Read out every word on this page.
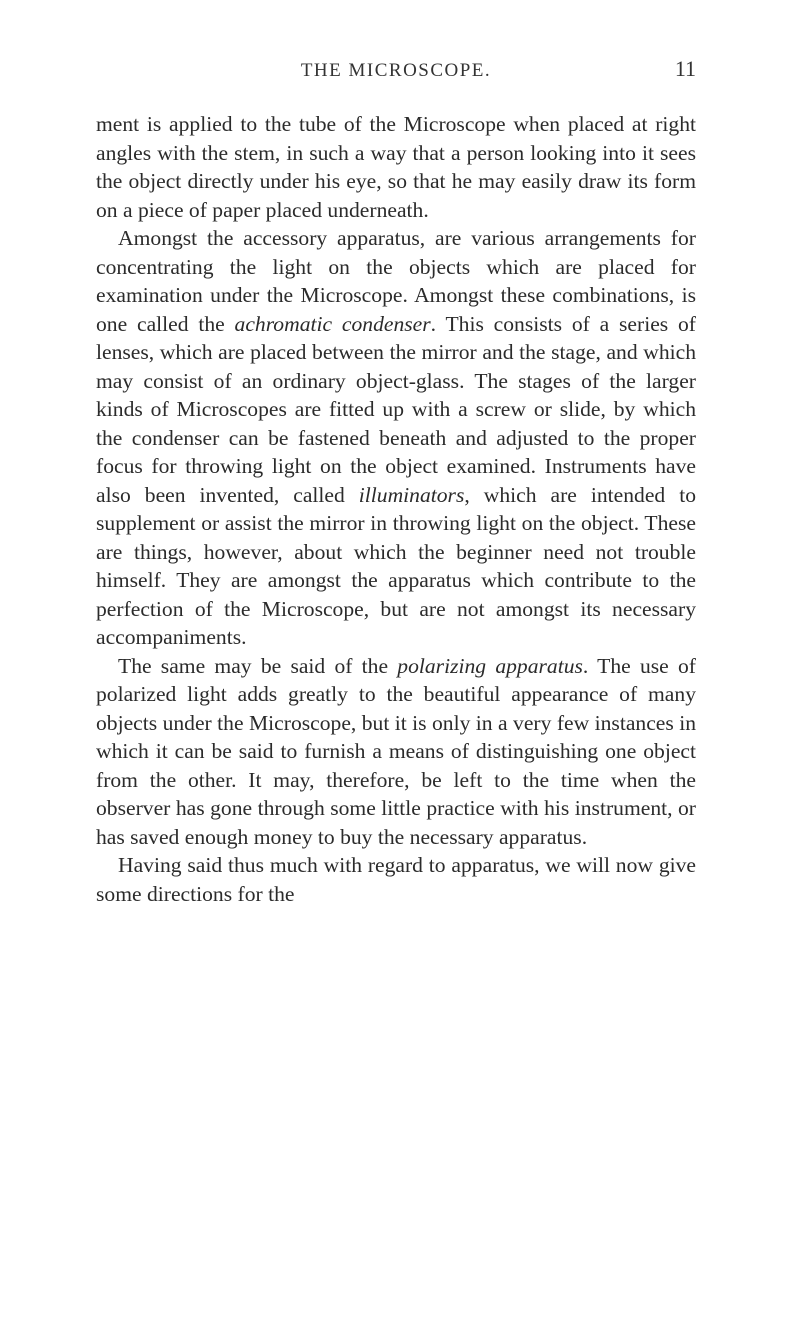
THE MICROSCOPE.	11

ment is applied to the tube of the Microscope when placed at right angles with the stem, in such a way that a person looking into it sees the object directly under his eye, so that he may easily draw its form on a piece of paper placed underneath.

Amongst the accessory apparatus, are various arrangements for concentrating the light on the objects which are placed for examination under the Microscope. Amongst these combinations, is one called the achromatic condenser. This consists of a series of lenses, which are placed between the mirror and the stage, and which may consist of an ordinary object-glass. The stages of the larger kinds of Microscopes are fitted up with a screw or slide, by which the condenser can be fastened beneath and adjusted to the proper focus for throwing light on the object examined. Instruments have also been invented, called illuminators, which are intended to supplement or assist the mirror in throwing light on the object. These are things, however, about which the beginner need not trouble himself. They are amongst the apparatus which contribute to the perfection of the Microscope, but are not amongst its necessary accompaniments.

The same may be said of the polarizing apparatus. The use of polarized light adds greatly to the beautiful appearance of many objects under the Microscope, but it is only in a very few instances in which it can be said to furnish a means of distinguishing one object from the other. It may, therefore, be left to the time when the observer has gone through some little practice with his instrument, or has saved enough money to buy the necessary apparatus.

Having said thus much with regard to apparatus, we will now give some directions for the
